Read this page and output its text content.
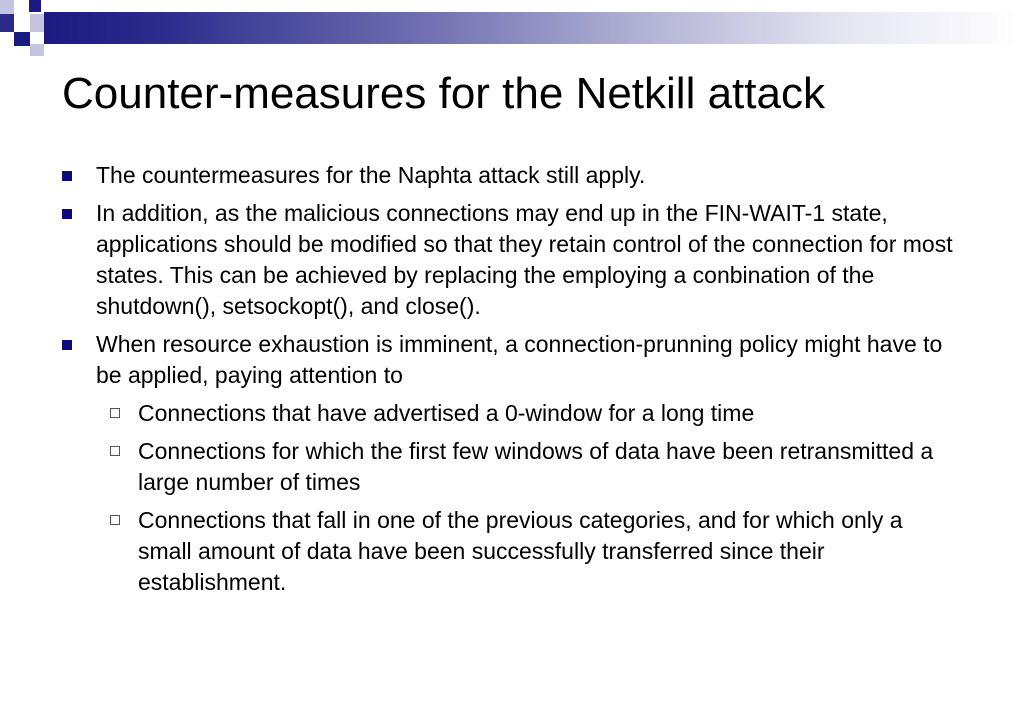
Counter-measures for the Netkill attack
The countermeasures for the Naphta attack still apply.
In addition, as the malicious connections may end up in the FIN-WAIT-1 state, applications should be modified so that they retain control of the connection for most states. This can be achieved by replacing the employing a conbination of the shutdown(), setsockopt(), and close().
When resource exhaustion is imminent, a connection-prunning policy might have to be applied, paying attention to
Connections that have advertised a 0-window for a long time
Connections for which the first few windows of data have been retransmitted a large number of times
Connections that fall in one of the previous categories, and for which only a small amount of data have been successfully transferred since their establishment.
